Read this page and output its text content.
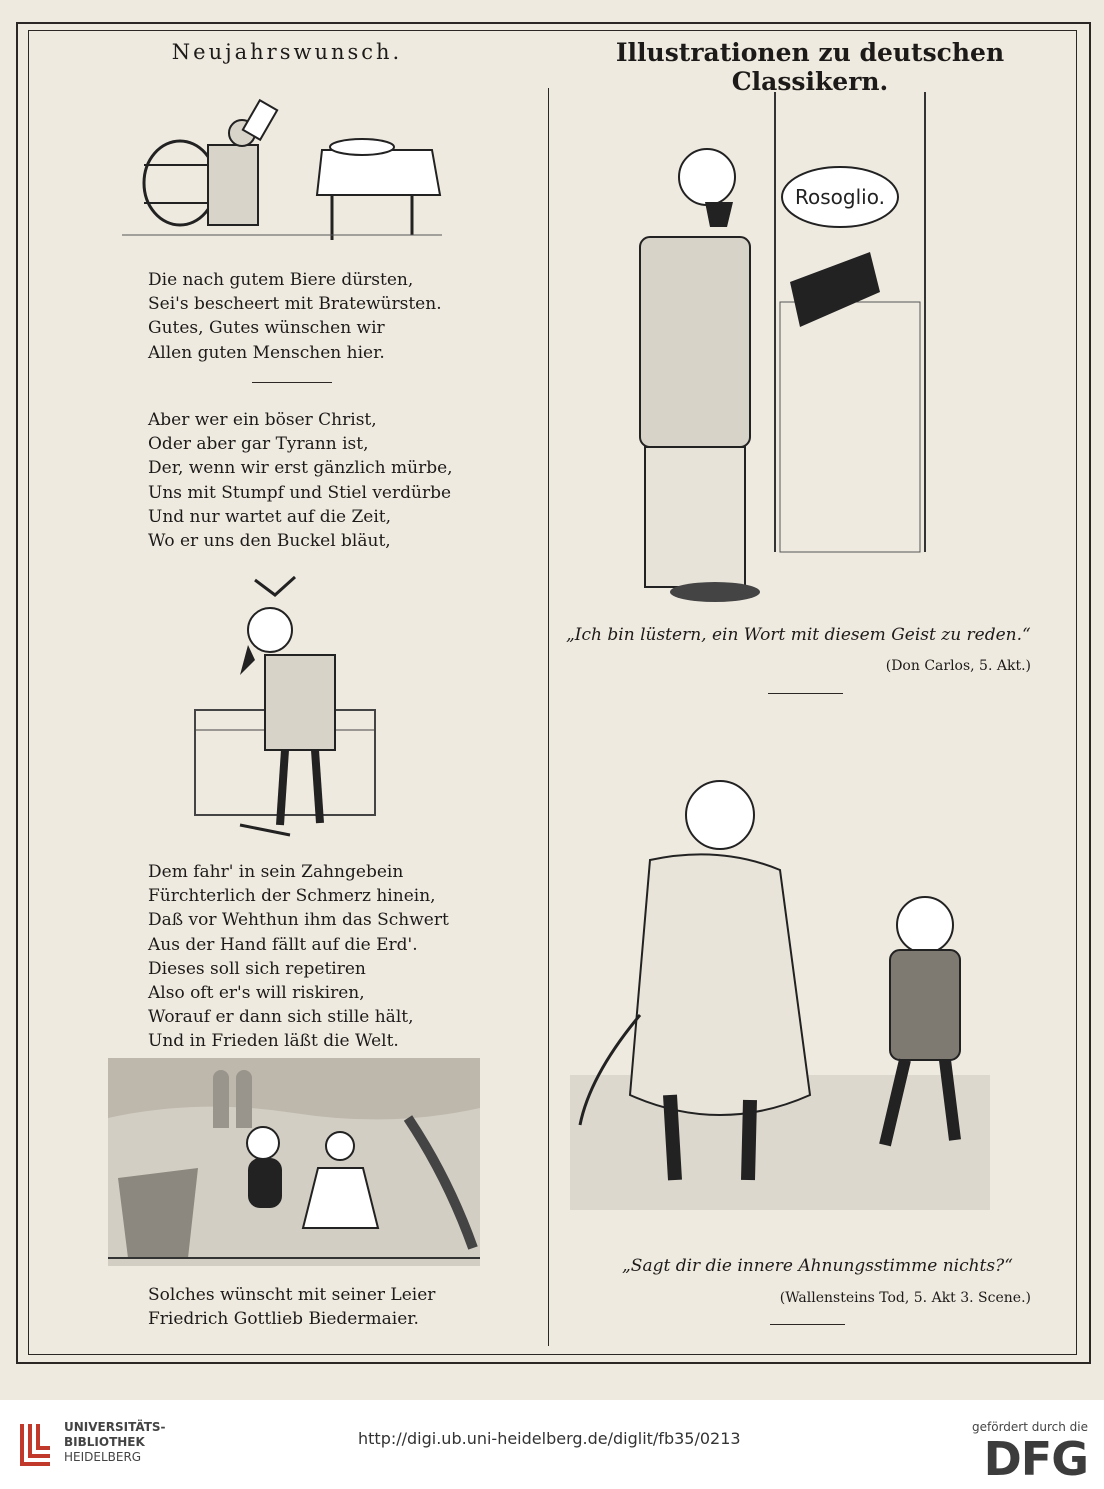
Neujahrswunsch.
Die nach gutem Biere dürsten,
Sei's bescheert mit Bratewürsten.
Gutes, Gutes wünschen wir
Allen guten Menschen hier.
Aber wer ein böser Christ,
Oder aber gar Tyrann ist,
Der, wenn wir erst gänzlich mürbe,
Uns mit Stumpf und Stiel verdürbe
Und nur wartet auf die Zeit,
Wo er uns den Buckel bläut,
Dem fahr' in sein Zahngebein
Fürchterlich der Schmerz hinein,
Daß vor Wehthun ihm das Schwert
Aus der Hand fällt auf die Erd'.
Dieses soll sich repetiren
Also oft er's will riskiren,
Worauf er dann sich stille hält,
Und in Frieden läßt die Welt.
Solches wünscht mit seiner Leier
Friedrich Gottlieb Biedermaier.
Illustrationen zu deutschen Classikern.
Rosoglio.
„Ich bin lüstern, ein Wort mit diesem Geist zu reden.“
(Don Carlos, 5. Akt.)
„Sagt dir die innere Ahnungsstimme nichts?“
(Wallensteins Tod, 5. Akt 3. Scene.)
UNIVERSITÄTS-
BIBLIOTHEK
HEIDELBERG
http://digi.ub.uni-heidelberg.de/diglit/fb35/0213
gefördert durch die
DFG
